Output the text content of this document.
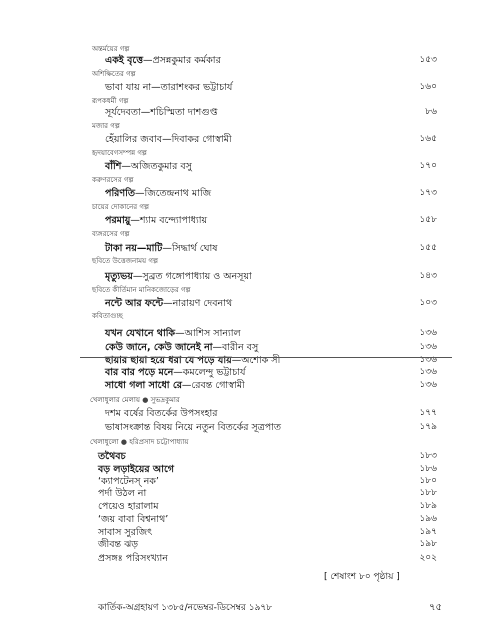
অন্তর্ময়ের গল্প
একই বৃত্তে—প্রসন্নকুমার কর্মকার	১৫৩
অশিক্ষিতের গল্প
ভাবা যায় না—তারাশংকর ভট্টাচার্য	১৬০
রূপকধর্মী গল্প
সূর্যদেবতা—শচিস্মিতা দাশগুপ্ত	৮৬
মজার গল্প
হেঁয়ালির জবাব—দিবাকর গোস্বামী	১৬৫
হৃদয়াবেগসম্পন্ন গল্প
বাঁশি—অজিতকুমার বসু	১৭০
করুণরসের গল্প
পরিণতি—জিতেন্দ্রনাথ মাজি	১৭৩
চায়ের দোকানের গল্প
পরমায়ু—শ্যাম বন্দ্যোপাধ্যায়	১৫৮
ব্যঙ্গরসের গল্প
টাকা নয়—মাটি—সিদ্ধার্থ ঘোষ	১৫৫
ছবিতে উত্তেজনাময় গল্প
মৃত্যুভয়—সুব্রত গঙ্গোপাধ্যায় ও অনসূয়া	১৪৩
ছবিতে কীর্তিমান মানিকজোড়ের গল্প
নন্টে আর ফন্টে—নারায়ণ দেবনাথ	১০৩
কবিতাগুচ্ছ
যখন যেখানে থাকি—আশিস সান্যাল	১৩৬
কেউ জানে, কেউ জানেই না—বারীন বসু	১৩৬
ছায়ার ছায়া হয়ে ধরা যে পড়ে যায়—অশোক সী	১৩৬
বার বার পড়ে মনে—কমলেন্দু ভট্টাচার্য	১৩৬
সাধো গলা সাধো রে—রেবন্ত গোস্বামী	১৩৬
খেলাধুলার মেলায় ● সুভদ্রকুমার
দশম বর্ষের বিতর্কের উপসংহার	১৭৭
ভাষাসংক্রান্ত বিষয় নিয়ে নতুন বিতর্কের সূত্রপাত	১৭৯
খেলাধুলো ● হরিপ্রসাদ চট্টোপাধ্যায়
তথৈবচ	১৮৩
বড় লড়াইয়ের আগে	১৮৬
‘ক্যাপটেনস্ নক’	১৮০
পর্দা উঠল না	১৮৮
পেয়েও হারালাম	১৮৯
‘জয় বাবা বিশ্বনাথ’	১৯৬
সাবাস সুরজিৎ	১৯৭
জীবন্ত ঝড়	১৯৮
প্রসঙ্গঃ পরিসংখ্যান	২০২
[ শেষাংশ ৮০ পৃষ্ঠায় ]
কার্তিক-অগ্রহায়ণ ১৩৮৫/নভেম্বর-ডিসেম্বর ১৯৭৮	৭৫
